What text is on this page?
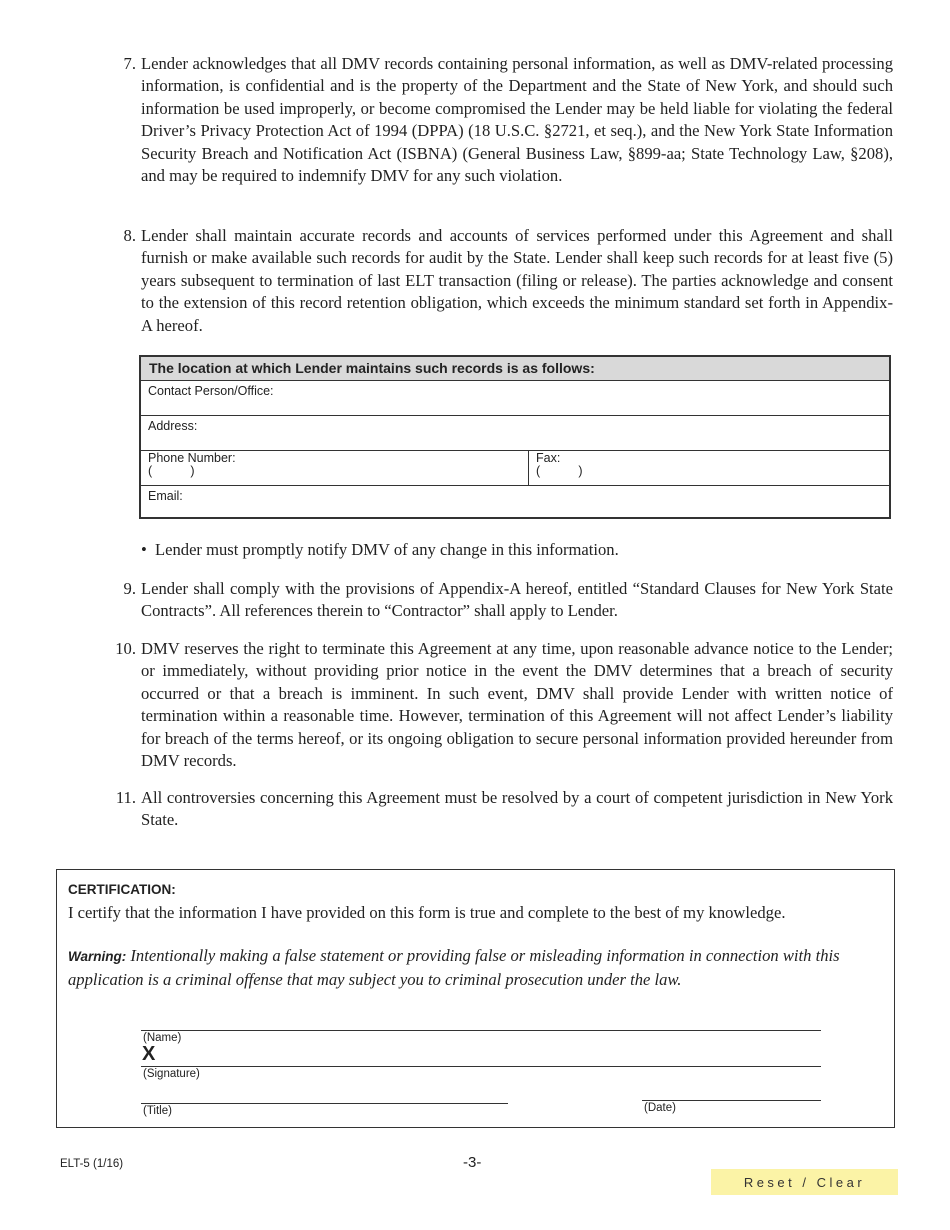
7. Lender acknowledges that all DMV records containing personal information, as well as DMV-related processing information, is confidential and is the property of the Department and the State of New York, and should such information be used improperly, or become compromised the Lender may be held liable for violating the federal Driver’s Privacy Protection Act of 1994 (DPPA) (18 U.S.C. §2721, et seq.), and the New York State Information Security Breach and Notification Act (ISBNA) (General Business Law, §899-aa; State Technology Law, §208), and may be required to indemnify DMV for any such violation.
8. Lender shall maintain accurate records and accounts of services performed under this Agreement and shall furnish or make available such records for audit by the State. Lender shall keep such records for at least five (5) years subsequent to termination of last ELT transaction (filing or release). The parties acknowledge and consent to the extension of this record retention obligation, which exceeds the minimum standard set forth in Appendix-A hereof.
The location at which Lender maintains such records is as follows:
Contact Person/Office:
Address:
Phone Number:
(           )
Fax:
(           )
Email:
• Lender must promptly notify DMV of any change in this information.
9. Lender shall comply with the provisions of Appendix-A hereof, entitled “Standard Clauses for New York State Contracts”. All references therein to “Contractor” shall apply to Lender.
10. DMV reserves the right to terminate this Agreement at any time, upon reasonable advance notice to the Lender; or immediately, without providing prior notice in the event the DMV determines that a breach of security occurred or that a breach is imminent. In such event, DMV shall provide Lender with written notice of termination within a reasonable time. However, termination of this Agreement will not affect Lender’s liability for breach of the terms hereof, or its ongoing obligation to secure personal information provided hereunder from DMV records.
11. All controversies concerning this Agreement must be resolved by a court of competent jurisdiction in New York State.
CERTIFICATION:
I certify that the information I have provided on this form is true and complete to the best of my knowledge.
Warning: Intentionally making a false statement or providing false or misleading information in connection with this application is a criminal offense that may subject you to criminal prosecution under the law.
(Name)
X
(Signature)
(Title)	(Date)
ELT-5 (1/16)	-3-
Reset / Clear
